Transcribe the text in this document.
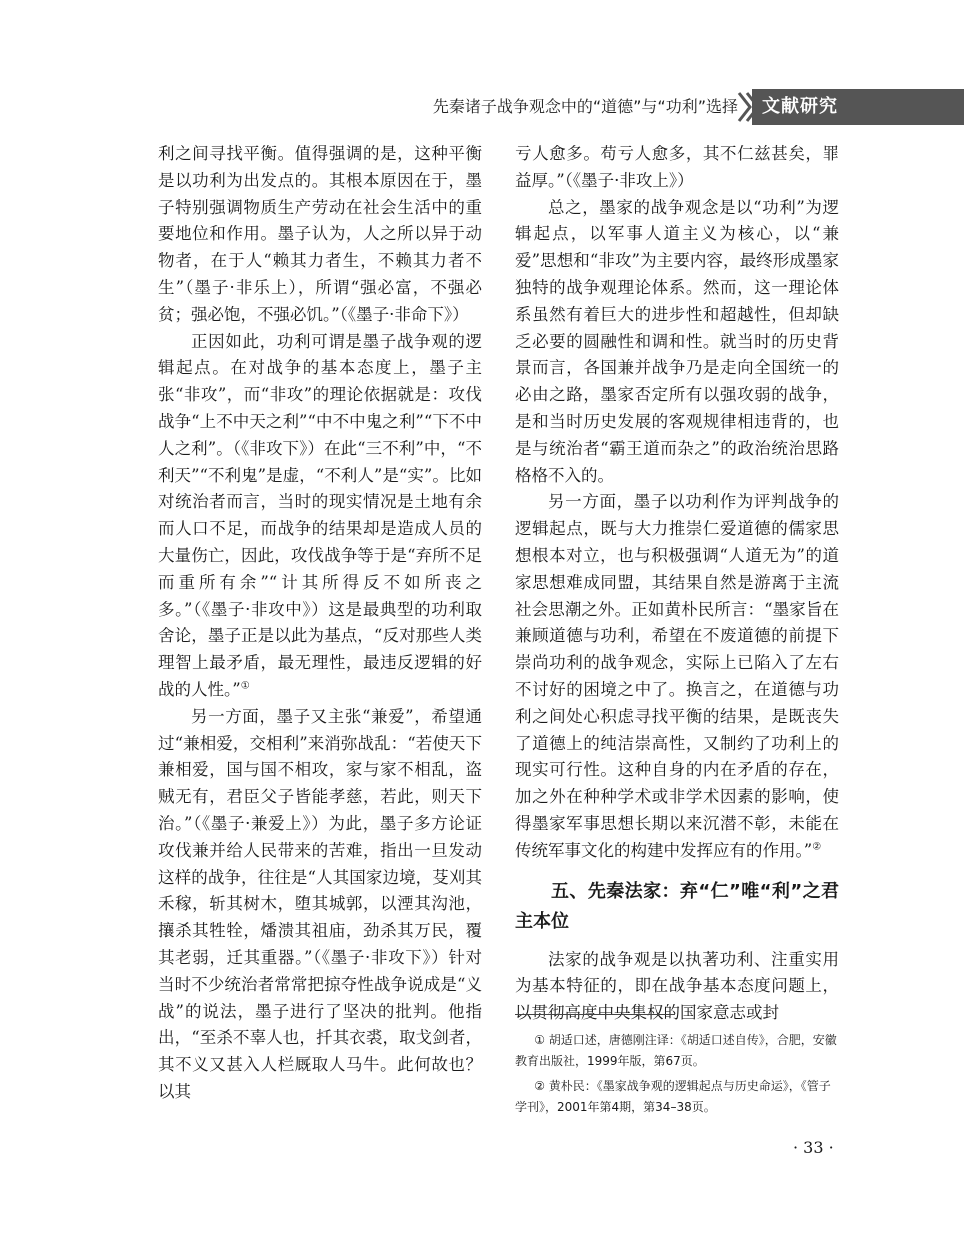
先秦诸子战争观念中的“道德”与“功利”选择	文献研究

利之间寻找平衡。值得强调的是，这种平衡是以功利为出发点的。其根本原因在于，墨子特别强调物质生产劳动在社会生活中的重要地位和作用。墨子认为，人之所以异于动物者，在于人“赖其力者生，不赖其力者不生”（墨子·非乐上），所谓“强必富，不强必贫；强必饱，不强必饥。”（《墨子·非命下》）

正因如此，功利可谓是墨子战争观的逻辑起点。在对战争的基本态度上，墨子主张“非攻”，而“非攻”的理论依据就是：攻伐战争“上不中天之利”“中不中鬼之利”“下不中人之利”。（《非攻下》）在此“三不利”中，“不利天”“不利鬼”是虚，“不利人”是“实”。比如对统治者而言，当时的现实情况是土地有余而人口不足，而战争的结果却是造成人员的大量伤亡，因此，攻伐战争等于是“弃所不足而重所有余”“计其所得反不如所丧之多。”（《墨子·非攻中》）这是最典型的功利取舍论，墨子正是以此为基点，“反对那些人类理智上最矛盾，最无理性，最违反逻辑的好战的人性。”①

另一方面，墨子又主张“兼爱”，希望通过“兼相爱，交相利”来消弥战乱：“若使天下兼相爱，国与国不相攻，家与家不相乱，盗贼无有，君臣父子皆能孝慈，若此，则天下治。”（《墨子·兼爱上》）为此，墨子多方论证攻伐兼并给人民带来的苦难，指出一旦发动这样的战争，往往是“人其国家边境，芟刈其禾稼，斩其树木，堕其城郭，以湮其沟池，攘杀其牲牷，燔溃其祖庙，劲杀其万民，覆其老弱，迁其重器。”（《墨子·非攻下》）针对当时不少统治者常常把掠夺性战争说成是“义战”的说法，墨子进行了坚决的批判。他指出，“至杀不辜人也，扦其衣裘，取戈剑者，其不义又甚入人栏厩取人马牛。此何故也？以其

亏人愈多。苟亏人愈多，其不仁兹甚矣，罪益厚。”（《墨子·非攻上》）

总之，墨家的战争观念是以“功利”为逻辑起点，以军事人道主义为核心，以“兼爱”思想和“非攻”为主要内容，最终形成墨家独特的战争观理论体系。然而，这一理论体系虽然有着巨大的进步性和超越性，但却缺乏必要的圆融性和调和性。就当时的历史背景而言，各国兼并战争乃是走向全国统一的必由之路，墨家否定所有以强攻弱的战争，是和当时历史发展的客观规律相违背的，也是与统治者“霸王道而杂之”的政治统治思路格格不入的。

另一方面，墨子以功利作为评判战争的逻辑起点，既与大力推崇仁爱道德的儒家思想根本对立，也与积极强调“人道无为”的道家思想难成同盟，其结果自然是游离于主流社会思潮之外。正如黄朴民所言：“墨家旨在兼顾道德与功利，希望在不废道德的前提下崇尚功利的战争观念，实际上已陷入了左右不讨好的困境之中了。换言之，在道德与功利之间处心积虑寻找平衡的结果，是既丧失了道德上的纯洁崇高性，又制约了功利上的现实可行性。这种自身的内在矛盾的存在，加之外在种种学术或非学术因素的影响，使得墨家军事思想长期以来沉潜不彰，未能在传统军事文化的构建中发挥应有的作用。”②

五、先秦法家：弃“仁”唯“利”之君主本位

法家的战争观是以执著功利、注重实用为基本特征的，即在战争基本态度问题上，以贯彻高度中央集权的国家意志或封

① 胡适口述，唐德刚注译：《胡适口述自传》，合肥，安徽教育出版社，1999年版，第67页。

② 黄朴民：《墨家战争观的逻辑起点与历史命运》，《管子学刊》，2001年第4期，第34–38页。

· 33 ·
